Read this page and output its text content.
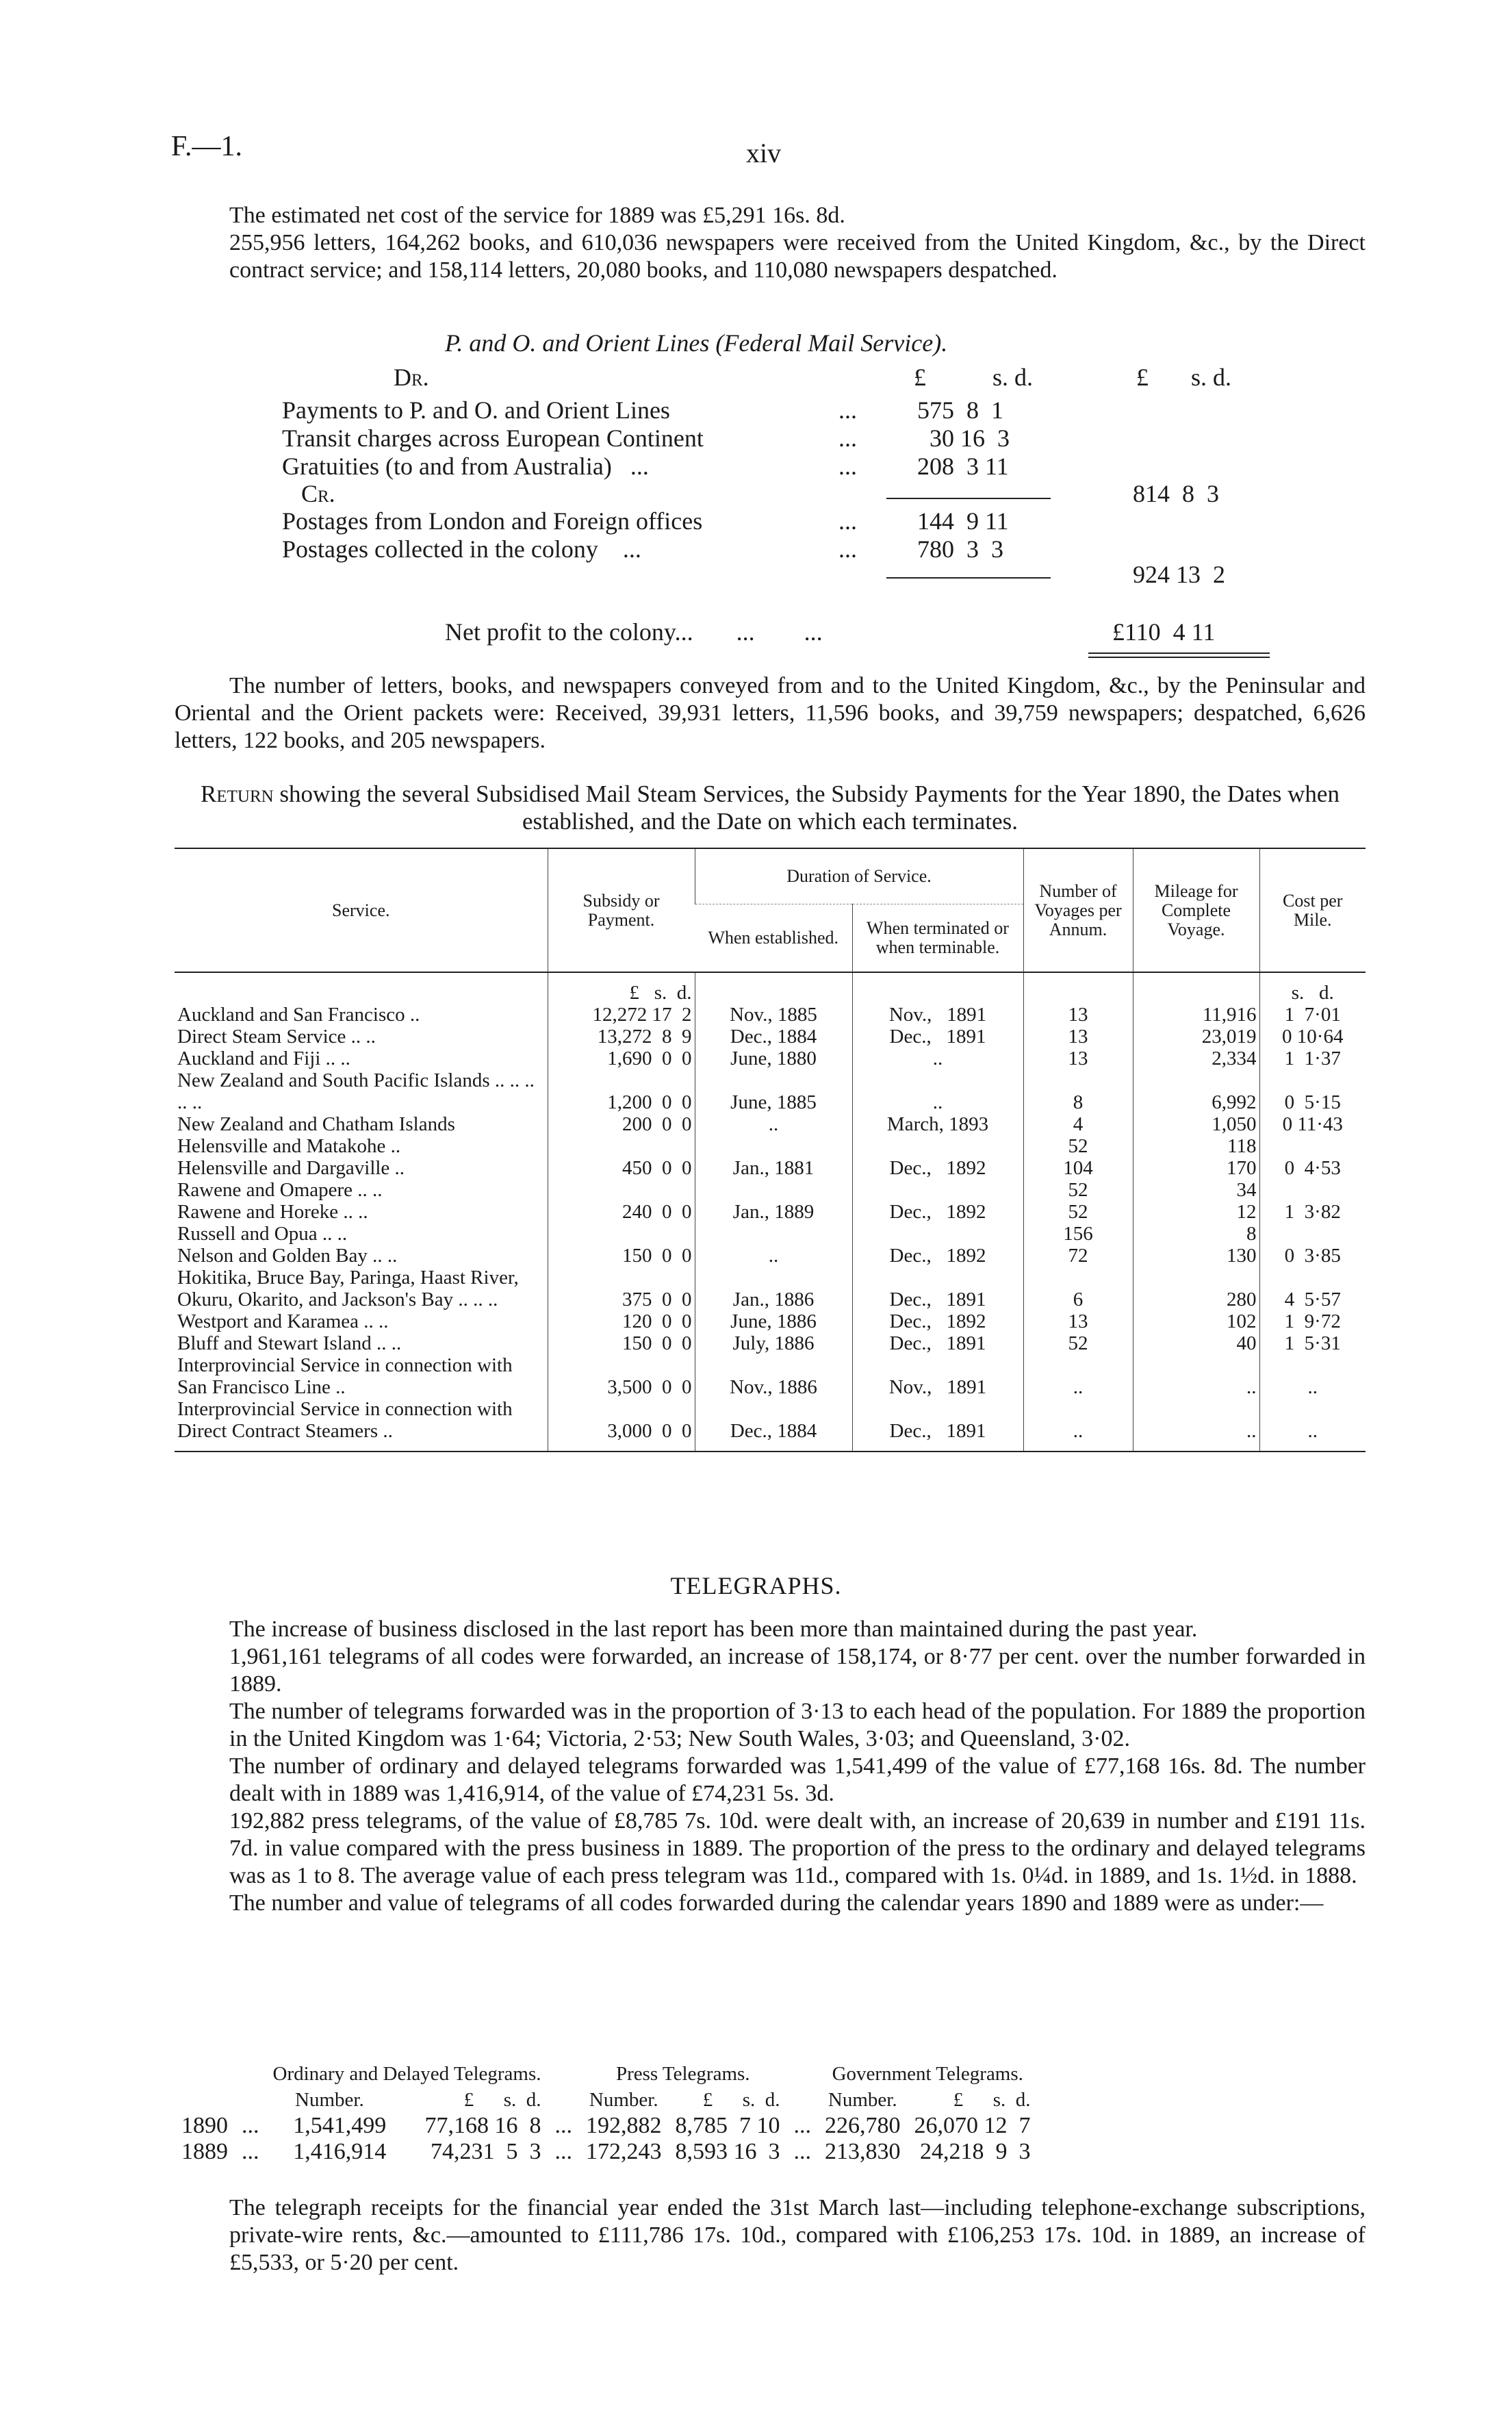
F.—1.	xiv
The estimated net cost of the service for 1889 was £5,291 16s. 8d.
255,956 letters, 164,262 books, and 610,036 newspapers were received from the United Kingdom, &c., by the Direct contract service; and 158,114 letters, 20,080 books, and 110,080 newspapers despatched.
P. and O. and Orient Lines (Federal Mail Service).
Dr.	£	s. d.	£ s. d.
Payments to P. and O. and Orient Lines	... 575  8  1
Transit charges across European Continent	...	30 16  3
Gratuities (to and from Australia)   ...	... 208  3 11
Cr.	814  8  3
Postages from London and Foreign offices	... 144  9 11
Postages collected in the colony    ...	... 780  3  3
924 13  2
Net profit to the colony...       ...        ...	£110  4 11
The number of letters, books, and newspapers conveyed from and to the United Kingdom, &c., by the Peninsular and Oriental and the Orient packets were: Received, 39,931 letters, 11,596 books, and 39,759 newspapers; despatched, 6,626 letters, 122 books, and 205 newspapers.
Return showing the several Subsidised Mail Steam Services, the Subsidy Payments for the Year 1890, the Dates when established, and the Date on which each terminates.
Service.	Subsidy or Payment.	Duration of Service.		Number of Voyages per Annum.	Mileage for Complete Voyage.	Cost per Mile.
		When established.	When terminated or when terminable.			
	£   s.  d.					s.   d.
Auckland and San Francisco ..	12,272 17  2	Nov., 1885	Nov.,   1891	13	11,916	1  7·01
Direct Steam Service .. ..	13,272  8  9	Dec., 1884	Dec.,   1891	13	23,019	0 10·64
Auckland and Fiji .. ..	1,690  0  0	June, 1880	..	13	2,334	1  1·37
New Zealand and South Pacific Islands .. .. .. .. ..	1,200  0  0	June, 1885	..	8	6,992	0  5·15
New Zealand and Chatham Islands	200  0  0	..	March, 1893	4	1,050	0 11·43
Helensville and Matakohe ..				52	118	
Helensville and Dargaville ..	450  0  0	Jan., 1881	Dec.,   1892	104	170	0  4·53
Rawene and Omapere .. ..				52	34	
Rawene and Horeke .. ..	240  0  0	Jan., 1889	Dec.,   1892	52	12	1  3·82
Russell and Opua .. ..				156	8	
Nelson and Golden Bay .. ..	150  0  0	..	Dec.,   1892	72	130	0  3·85
Hokitika, Bruce Bay, Paringa, Haast River, Okuru, Okarito, and Jackson's Bay .. .. ..	375  0  0	Jan., 1886	Dec.,   1891	6	280	4  5·57
Westport and Karamea .. ..	120  0  0	June, 1886	Dec.,   1892	13	102	1  9·72
Bluff and Stewart Island .. ..	150  0  0	July, 1886	Dec.,   1891	52	40	1  5·31
Interprovincial Service in connection with San Francisco Line ..	3,500  0  0	Nov., 1886	Nov.,   1891	..	..	..
Interprovincial Service in connection with Direct Contract Steamers ..	3,000  0  0	Dec., 1884	Dec.,   1891	..	..	..

TELEGRAPHS.
The increase of business disclosed in the last report has been more than maintained during the past year.
1,961,161 telegrams of all codes were forwarded, an increase of 158,174, or 8·77 per cent. over the number forwarded in 1889.
The number of telegrams forwarded was in the proportion of 3·13 to each head of the population. For 1889 the proportion in the United Kingdom was 1·64; Victoria, 2·53; New South Wales, 3·03; and Queensland, 3·02.
The number of ordinary and delayed telegrams forwarded was 1,541,499 of the value of £77,168 16s. 8d. The number dealt with in 1889 was 1,416,914, of the value of £74,231 5s. 3d.
192,882 press telegrams, of the value of £8,785 7s. 10d. were dealt with, an increase of 20,639 in number and £191 11s. 7d. in value compared with the press business in 1889. The proportion of the press to the ordinary and delayed telegrams was as 1 to 8. The average value of each press telegram was 11d., compared with 1s. 0¼d. in 1889, and 1s. 1½d. in 1888.
The number and value of telegrams of all codes forwarded during the calendar years 1890 and 1889 were as under:—
		Ordinary and Delayed Telegrams.			Press Telegrams.			Government Telegrams.	
		Number.	£      s.  d.		Number.	£      s.  d.		Number.	£      s.  d.
1890	...	1,541,499	77,168 16  8	...	192,882	8,785  7 10	...	226,780	26,070 12  7
1889	...	1,416,914	74,231  5  3	...	172,243	8,593 16  3	...	213,830	24,218  9  3
The telegraph receipts for the financial year ended the 31st March last—including telephone-exchange subscriptions, private-wire rents, &c.—amounted to £111,786 17s. 10d., compared with £106,253 17s. 10d. in 1889, an increase of £5,533, or 5·20 per cent.
